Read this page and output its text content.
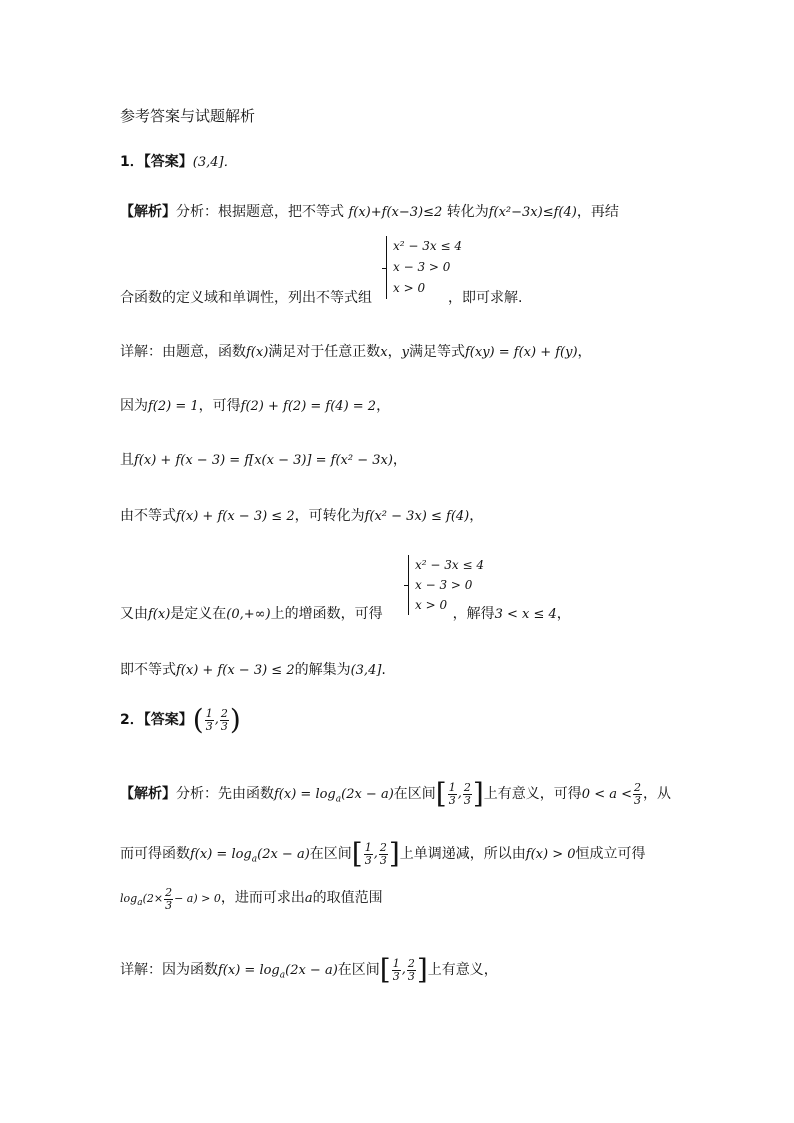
参考答案与试题解析
1．【答案】(3,4]．
【解析】分析：根据题意，把不等式 f(x)+f(x−3)≤2 转化为f(x²−3x)≤f(4)，再结
x² − 3x ≤ 4
x − 3 > 0
x > 0
合函数的定义域和单调性，列出不等式组	，即可求解.
详解：由题意，函数f(x)满足对于任意正数x，y满足等式f(xy) = f(x) + f(y)，
因为f(2) = 1，可得f(2) + f(2) = f(4) = 2，
且f(x) + f(x − 3) = f[x(x − 3)] = f(x² − 3x)，
由不等式f(x) + f(x − 3) ≤ 2，可转化为f(x² − 3x) ≤ f(4)，
x² − 3x ≤ 4
x − 3 > 0
x > 0
又由f(x)是定义在(0,+∞)上的增函数，可得	，解得3 < x ≤ 4，
即不等式f(x) + f(x − 3) ≤ 2的解集为(3,4].
2．【答案】 ( $\frac{1}{3}$ , $\frac{2}{3}$ )
【解析】分析：先由函数$f(x) = \log_a(2x - a)$在区间 [ $\frac{1}{3}$ , $\frac{2}{3}$ ] 上有意义，可得$0 < a < \frac{2}{3}$ ，从
而可得函数$f(x) = \log_a(2x - a)$在区间 [ $\frac{1}{3}$ , $\frac{2}{3}$ ] 上单调递减，所以由f(x) > 0恒成立可得
$\log_a(2\times \frac{2}{3} - a) > 0$，进而可求出a的取值范围
详解：因为函数$f(x) = \log_a(2x - a)$在区间 [ $\frac{1}{3}$ , $\frac{2}{3}$ ] 上有意义，
